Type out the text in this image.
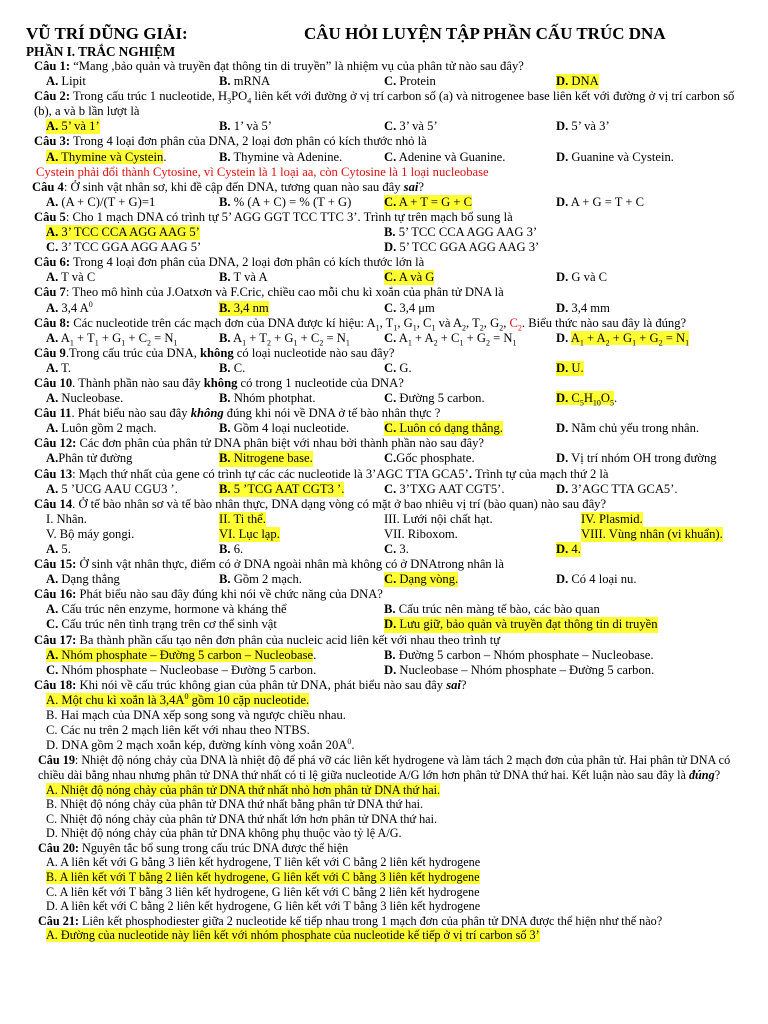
VŨ TRÍ DŨNG GIẢI:	CÂU HỎI LUYỆN TẬP PHẦN CẤU TRÚC DNA
PHẦN I. TRẮC NGHIỆM
Câu 1: “Mang ,bảo quản và truyền đạt thông tin di truyền” là nhiệm vụ của phân tử nào sau đây?
A. Lipit	B. mRNA	C. Protein	D. DNA
Câu 2: Trong cấu trúc 1 nucleotide, $H_3PO_4$ liên kết với đường ở vị trí carbon số (a) và nitrogenee base liên kết với đường ở vị trí carbon số (b), a và b lần lượt là
A. 5’ và 1’	B. 1’ và 5’	C. 3’ và 5’	D. 5’ và 3’
Câu 3: Trong 4 loại đơn phân của DNA, 2 loại đơn phân có kích thước nhỏ là
A. Thymine và Cystein.	B. Thymine và Adenine.	C. Adenine và Guanine.	D. Guanine và Cystein.
Cystein phải đổi thành Cytosine, vì Cystein là 1 loại aa, còn Cytosine là 1 loại nucleobase
Câu 4: Ở sinh vật nhân sơ, khi đề cập đến DNA, tương quan nào sau đây sai?
A. (A + C)/(T + G)=1	B. % (A + C) = % (T + G)	C. A + T = G + C	D. A + G = T + C
Câu 5: Cho 1 mạch DNA có trình tự 5’ AGG GGT TCC TTC 3’. Trình tự trên mạch bổ sung là
A. 3’ TCC CCA AGG AAG 5’	B. 5’ TCC CCA AGG AAG 3’
C. 3’ TCC GGA AGG AAG 5’	D. 5’ TCC GGA AGG AAG 3’
Câu 6: Trong 4 loại đơn phân của DNA, 2 loại đơn phân có kích thước lớn là
A. T và C	B. T và A	C. A và G	D. G và C
Câu 7: Theo mô hình của J.Oatxơn và F.Cric, chiều cao mỗi chu kì xoắn của phân tử DNA là
A. 3,4 $A^0$	B. 3,4 nm	C. 3,4 μm	D. 3,4 mm
Câu 8: Các nucleotide trên các mạch đơn của DNA được kí hiệu: $A_1$, $T_1$, $G_1$, $C_1$ và $A_2$, $T_2$, $G_2$, $C_2$. Biểu thức nào sau đây là đúng?
A. $A_1 + T_1 + G_1 + C_2 = N_1$	B. $A_1 + T_2 + G_1 + C_2 = N_1$	C. $A_1 + A_2 + C_1 + G_2 = N_1$	D. $A_1 + A_2 + G_1 + G_2 = N_1$
Câu 9.Trong cấu trúc của DNA, không có loại nucleotide nào sau đây?
A. T.	B. C.	C. G.	D. U.
Câu 10. Thành phần nào sau đây không có trong 1 nucleotide của DNA?
A. Nucleobase.	B. Nhóm photphat.	C. Đường 5 carbon.	D. $C_5H_{10}O_5$.
Câu 11. Phát biểu nào sau đây không đúng khi nói về DNA ở tế bào nhân thực ?
A. Luôn gồm 2 mạch.	B. Gồm 4 loại nucleotide.	C. Luôn có dạng thẳng.	D. Nằm chủ yếu trong nhân.
Câu 12: Các đơn phân của phân tử DNA phân biệt với nhau bởi thành phần nào sau đây?
A.Phân tử đường	B. Nitrogene base.	C.Gốc phosphate.	D. Vị trí nhóm OH trong đường
Câu 13: Mạch thứ nhất của gene có trình tự các các nucleotide là 3’AGC TTA GCA5’. Trình tự của mạch thứ 2 là
A. 5 ’UCG AAU CGU3 ’.	B. 5 ’TCG AAT CGT3 ’.	C. 3’TXG AAT CGT5’.	D. 3’AGC TTA GCA5’.
Câu 14. Ở tế bào nhân sơ và tế bào nhân thực, DNA dạng vòng có mặt ở bao nhiêu vị trí (bào quan) nào sau đây?
I. Nhân.	II. Ti thể.	III. Lưới nội chất hạt.	IV. Plasmid.
V. Bộ máy gongi.	VI. Lục lạp.	VII. Riboxom.	VIII. Vùng nhân (vi khuẩn).
A. 5.	B. 6.	C. 3.	D. 4.
Câu 15: Ở sinh vật nhân thực, điểm có ở DNA ngoài nhân mà không có ở DNAtrong nhân là
A. Dạng thẳng	B. Gồm 2 mạch.	C. Dạng vòng.	D. Có 4 loại nu.
Câu 16: Phát biểu nào sau đây đúng khi nói về chức năng của DNA?
A. Cấu trúc nên enzyme, hormone và kháng thể	B. Cấu trúc nên màng tế bào, các bào quan
C. Cấu trúc nên tình trạng trên cơ thể sinh vật	D. Lưu giữ, bảo quản và truyền đạt thông tin di truyền
Câu 17: Ba thành phần cấu tạo nên đơn phân của nucleic acid liên kết với nhau theo trình tự
A. Nhóm phosphate – Đường 5 carbon – Nucleobase.	B. Đường 5 carbon – Nhóm phosphate – Nucleobase.
C. Nhóm phosphate – Nucleobase – Đường 5 carbon.	D. Nucleobase – Nhóm phosphate – Đường 5 carbon.
Câu 18: Khi nói về cấu trúc không gian của phân tử DNA, phát biểu nào sau đây sai?
A. Một chu kì xoắn là $3,4A^0$ gồm 10 cặp nucleotide.
B. Hai mạch của DNA xếp song song và ngược chiều nhau.
C. Các nu trên 2 mạch liên kết với nhau theo NTBS.
D. DNA gồm 2 mạch xoắn kép, đường kính vòng xoắn $20A^0$.
Câu 19: Nhiệt độ nóng chảy của DNA là nhiệt độ để phá vỡ các liên kết hydrogene và làm tách 2 mạch đơn của phân tử. Hai phân tử DNA có chiều dài bằng nhau nhưng phân tử DNA thứ nhất có tỉ lệ giữa nucleotide A/G lớn hơn phân tử DNA thứ hai. Kết luận nào sau đây là đúng?
A. Nhiệt độ nóng chảy của phân tử DNA thứ nhất nhỏ hơn phân tử DNA thứ hai.
B. Nhiệt độ nóng chảy của phân tử DNA thứ nhất bằng phân tử DNA thứ hai.
C. Nhiệt độ nóng chảy của phân tử DNA thứ nhất lớn hơn phân tử DNA thứ hai.
D. Nhiệt độ nóng chảy của phân tử DNA không phụ thuộc vào tỷ lệ A/G.
Câu 20: Nguyên tắc bổ sung trong cấu trúc DNA được thể hiện
A. A liên kết với G bằng 3 liên kết hydrogene, T liên kết với C bằng 2 liên kết hydrogene
B. A liên kết với T bằng 2 liên kết hydrogene, G liên kết với C bằng 3 liên kết hydrogene
C. A liên kết với T bằng 3 liên kết hydrogene, G liên kết với C bằng 2 liên kết hydrogene
D. A liên kết với C bằng 2 liên kết hydrogene, G liên kết với T bằng 3 liên kết hydrogene
Câu 21: Liên kết phosphodiester giữa 2 nucleotide kế tiếp nhau trong 1 mạch đơn của phân tử DNA được thể hiện như thế nào?
A. Đường của nucleotide này liên kết với nhóm phosphate của nucleotide kế tiếp ở vị trí carbon số 3’
